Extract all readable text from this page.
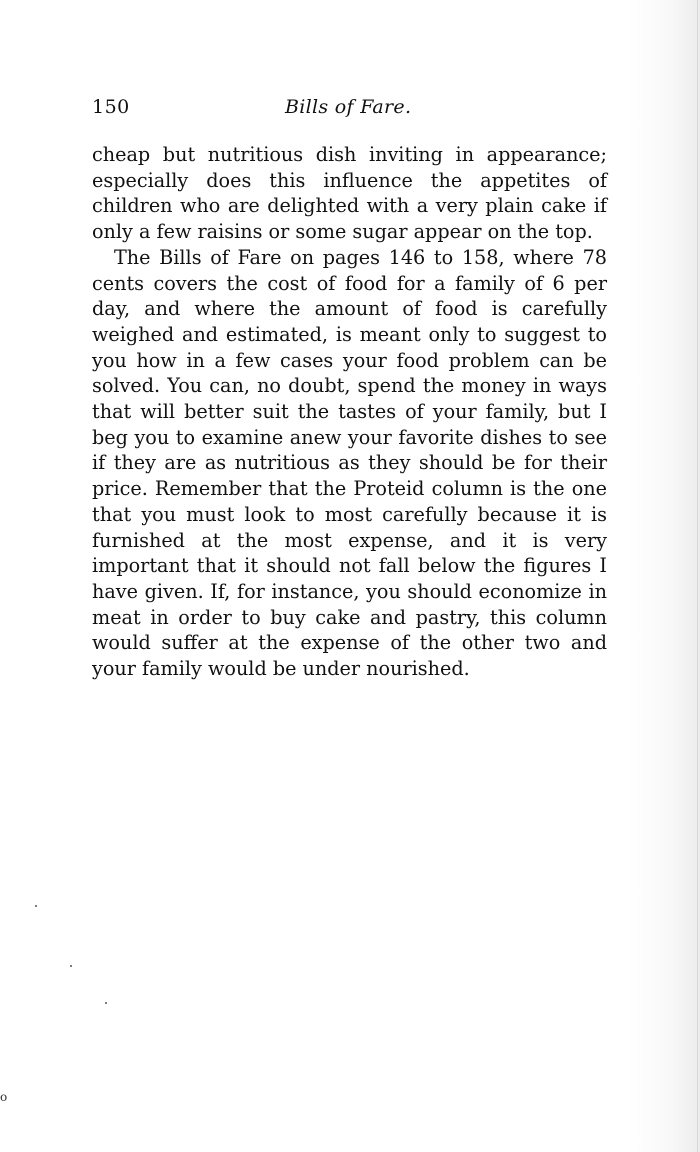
150	Bills of Fare.

cheap but nutritious dish inviting in appearance; especially does this influence the appetites of children who are delighted with a very plain cake if only a few raisins or some sugar appear on the top.

The Bills of Fare on pages 146 to 158, where 78 cents covers the cost of food for a family of 6 per day, and where the amount of food is carefully weighed and estimated, is meant only to suggest to you how in a few cases your food problem can be solved. You can, no doubt, spend the money in ways that will better suit the tastes of your family, but I beg you to examine anew your favorite dishes to see if they are as nutritious as they should be for their price. Remember that the Proteid column is the one that you must look to most carefully because it is furnished at the most expense, and it is very important that it should not fall below the figures I have given. If, for instance, you should economize in meat in order to buy cake and pastry, this column would suffer at the expense of the other two and your family would be under nourished.

o
